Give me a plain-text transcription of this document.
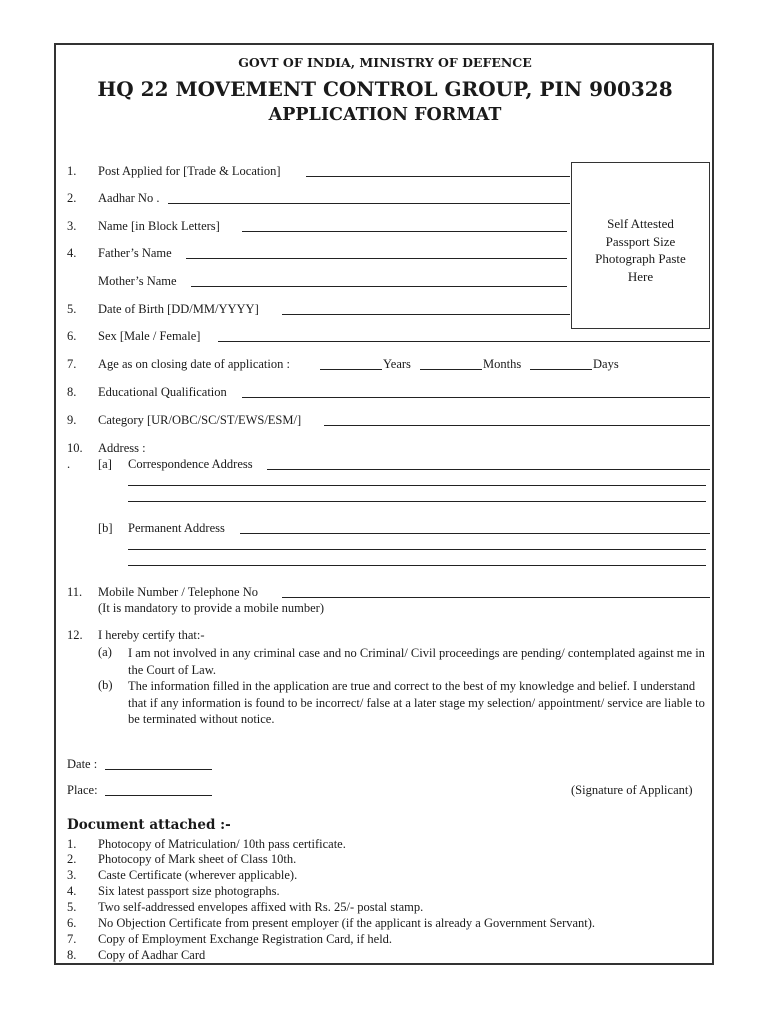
GOVT OF INDIA, MINISTRY OF DEFENCE
HQ 22 MOVEMENT CONTROL GROUP, PIN 900328
APPLICATION FORMAT
Self Attested
Passport Size
Photograph Paste
Here
1. Post Applied for [Trade & Location]
2. Aadhar No .
3. Name [in Block Letters]
4. Father’s Name
Mother’s Name
5. Date of Birth [DD/MM/YYYY]
6. Sex [Male / Female]
7. Age as on closing date of application :	Years	Months	Days
8. Educational Qualification
9. Category [UR/OBC/SC/ST/EWS/ESM/]
10.
.
Address :
[a] Correspondence Address
[b] Permanent Address
11. Mobile Number / Telephone No
(It is mandatory to provide a mobile number)
12. I hereby certify that:-
(a) I am not involved in any criminal case and no Criminal/ Civil proceedings are pending/ contemplated against me in the Court of Law.
(b) The information filled in the application are true and correct to the best of my knowledge and belief. I understand that if any information is found to be incorrect/ false at a later stage my selection/ appointment/ service are liable to be terminated without notice.
Date :
Place:	(Signature of Applicant)
Document attached :-
1. Photocopy of Matriculation/ 10th pass certificate.
2. Photocopy of Mark sheet of Class 10th.
3. Caste Certificate (wherever applicable).
4. Six latest passport size photographs.
5. Two self-addressed envelopes affixed with Rs. 25/- postal stamp.
6. No Objection Certificate from present employer (if the applicant is already a Government Servant).
7. Copy of Employment Exchange Registration Card, if held.
8. Copy of Aadhar Card
